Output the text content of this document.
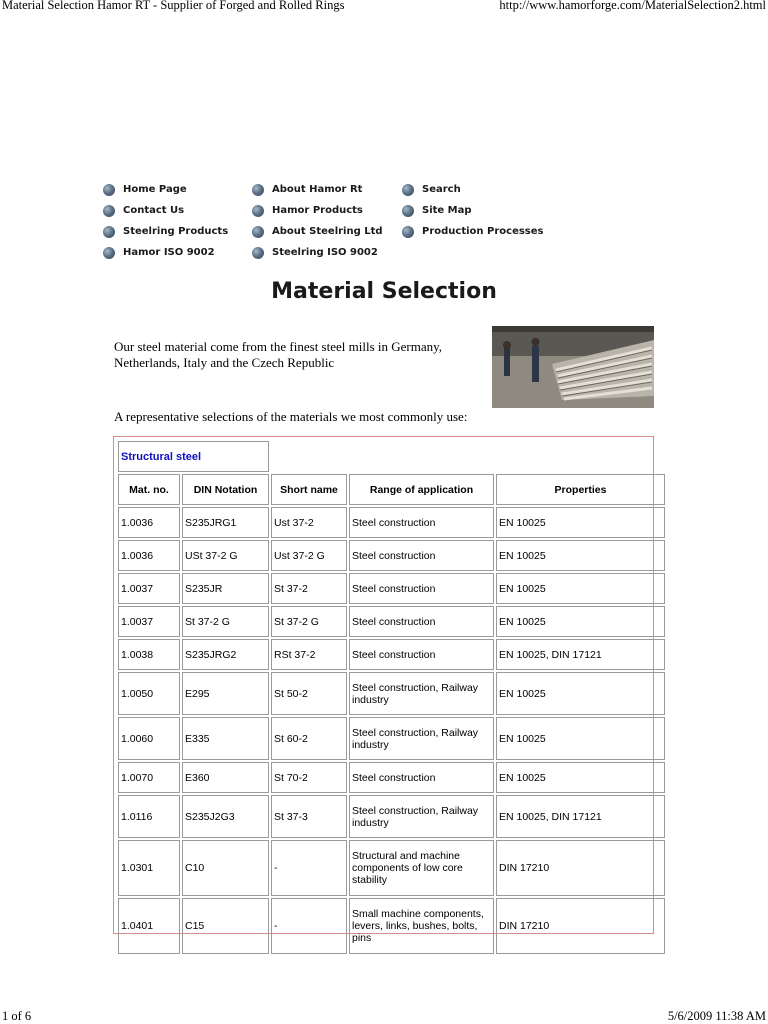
Material Selection Hamor RT - Supplier of Forged and Rolled Rings	http://www.hamorforge.com/MaterialSelection2.html
Home Page
Contact Us
Steelring Products
Hamor ISO 9002
About Hamor Rt
Hamor Products
About Steelring Ltd
Steelring ISO 9002
Search
Site Map
Production Processes
Material Selection
Our steel material come from the finest steel mills in Germany, Netherlands, Italy and the Czech Republic
A representative selections of the materials we most commonly use:
Structural steel				
Mat. no.	DIN Notation	Short name	Range of application	Properties
1.0036	S235JRG1	Ust 37-2	Steel construction	EN 10025
1.0036	USt 37-2 G	Ust 37-2 G	Steel construction	EN 10025
1.0037	S235JR	St 37-2	Steel construction	EN 10025
1.0037	St 37-2 G	St 37-2 G	Steel construction	EN 10025
1.0038	S235JRG2	RSt 37-2	Steel construction	EN 10025, DIN 17121
1.0050	E295	St 50-2	Steel construction, Railway industry	EN 10025
1.0060	E335	St 60-2	Steel construction, Railway industry	EN 10025
1.0070	E360	St 70-2	Steel construction	EN 10025
1.0116	S235J2G3	St 37-3	Steel construction, Railway industry	EN 10025, DIN 17121
1.0301	C10	-	Structural and machine components of low core stability	DIN 17210
1.0401	C15	-	Small machine components, levers, links, bushes, bolts, pins	DIN 17210
1 of 6	5/6/2009 11:38 AM
